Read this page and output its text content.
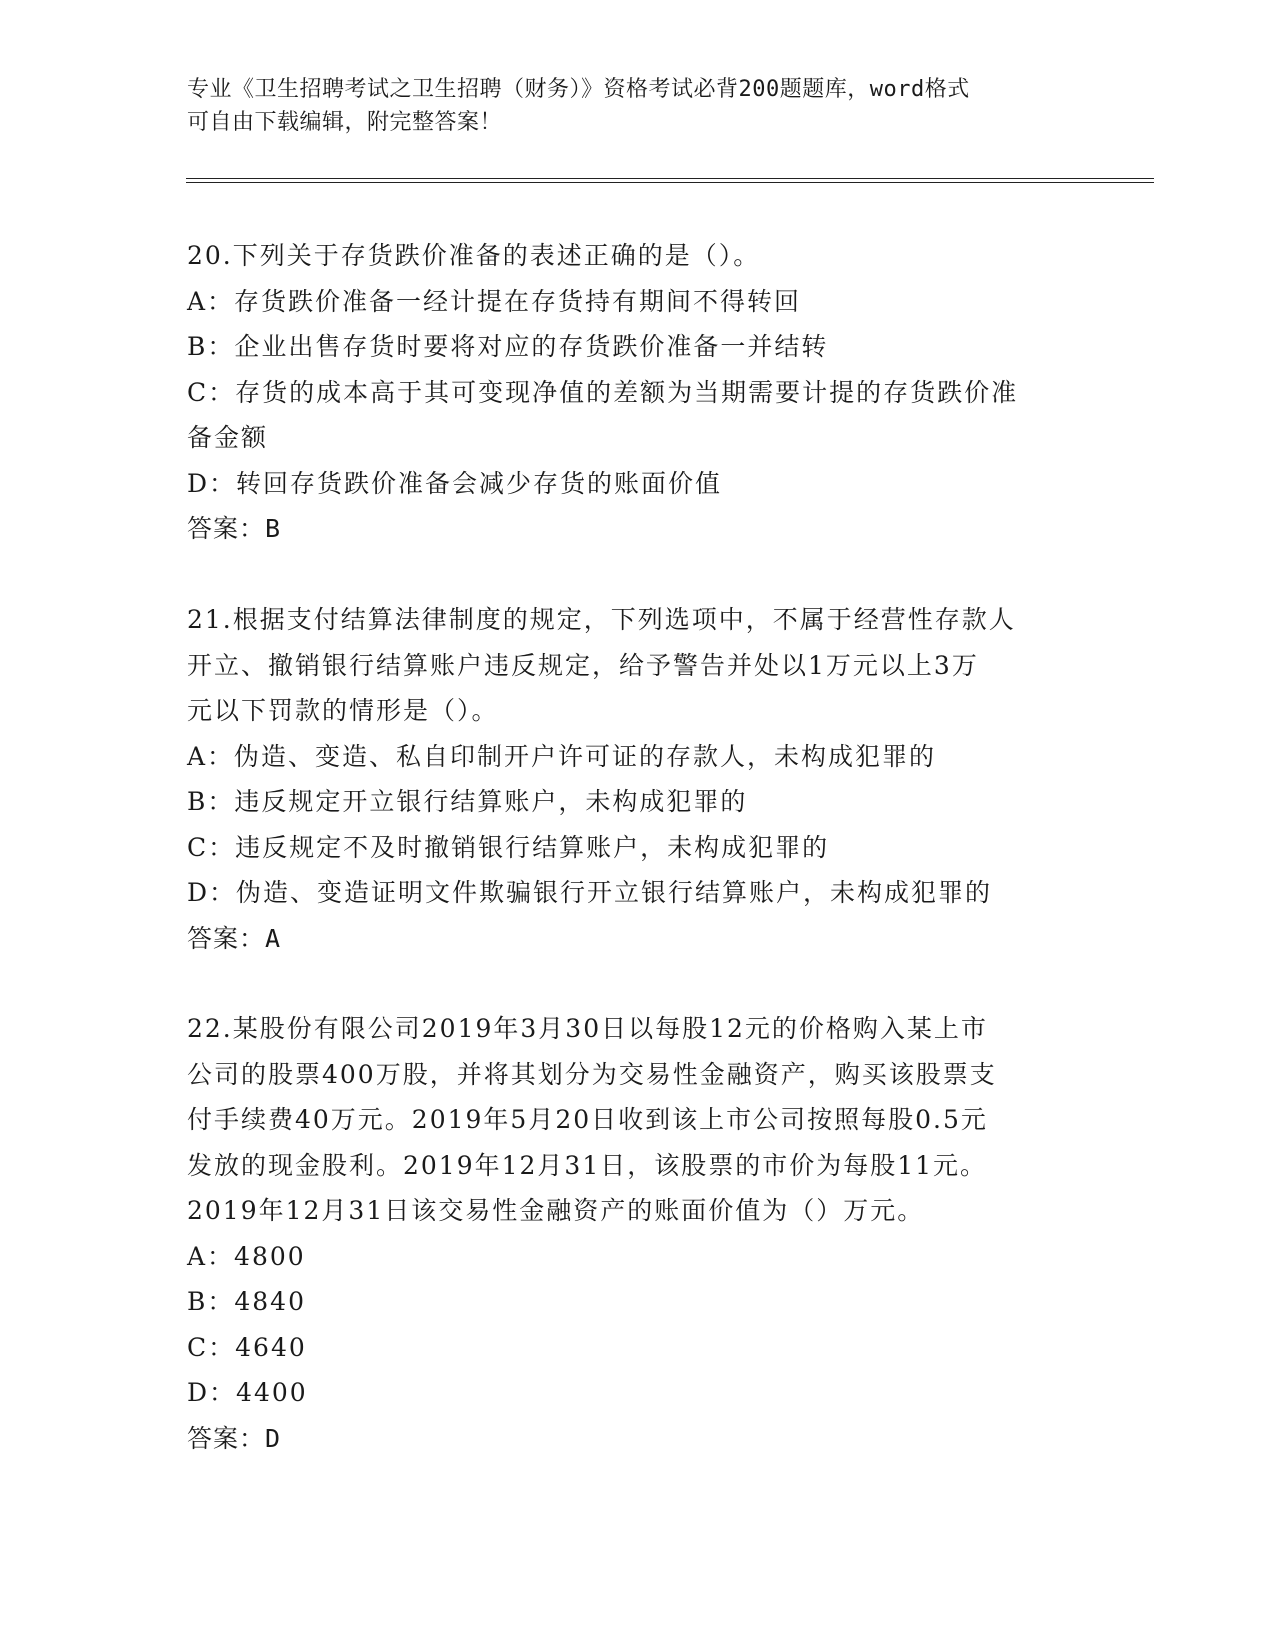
专业《卫生招聘考试之卫生招聘（财务）》资格考试必背200题题库，word格式
可自由下载编辑，附完整答案！

20.下列关于存货跌价准备的表述正确的是（）。

A：存货跌价准备一经计提在存货持有期间不得转回

B：企业出售存货时要将对应的存货跌价准备一并结转

C：存货的成本高于其可变现净值的差额为当期需要计提的存货跌价准

备金额

D：转回存货跌价准备会减少存货的账面价值

答案：B

21.根据支付结算法律制度的规定，下列选项中，不属于经营性存款人

开立、撤销银行结算账户违反规定，给予警告并处以1万元以上3万

元以下罚款的情形是（）。

A：伪造、变造、私自印制开户许可证的存款人，未构成犯罪的

B：违反规定开立银行结算账户，未构成犯罪的

C：违反规定不及时撤销银行结算账户，未构成犯罪的

D：伪造、变造证明文件欺骗银行开立银行结算账户，未构成犯罪的

答案：A

22.某股份有限公司2019年3月30日以每股12元的价格购入某上市

公司的股票400万股，并将其划分为交易性金融资产，购买该股票支

付手续费40万元。2019年5月20日收到该上市公司按照每股0.5元

发放的现金股利。2019年12月31日，该股票的市价为每股11元。

2019年12月31日该交易性金融资产的账面价值为（）万元。

A：4800

B：4840

C：4640

D：4400

答案：D
